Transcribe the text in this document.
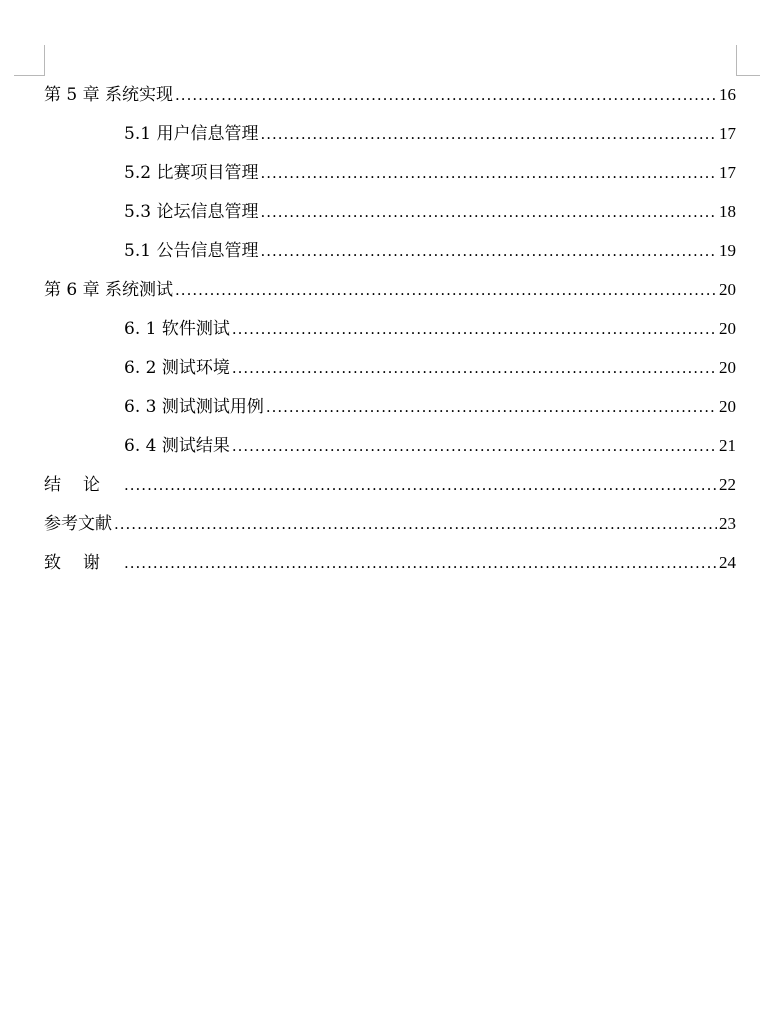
第 5 章 系统实现 .....	16
5.1 用户信息管理 .....	17
5.2 比赛项目管理 .....	17
5.3 论坛信息管理 .....	18
5.1 公告信息管理 .....	19
第 6 章 系统测试 .....	20
6. 1 软件测试 .....	20
6. 2 测试环境 .....	20
6. 3 测试测试用例 .....	20
6. 4 测试结果 .....	21
结论 .....	22
参考文献 .....	23
致谢 .....	24
